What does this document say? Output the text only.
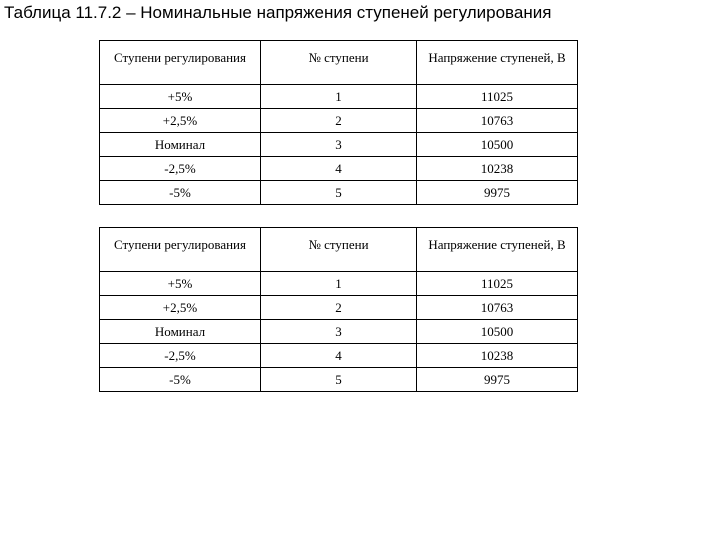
Таблица 11.7.2 – Номинальные напряжения ступеней регулирования
Ступени регулирования	№ ступени	Напряжение ступеней, В
+5%	1	11025
+2,5%	2	10763
Номинал	3	10500
-2,5%	4	10238
-5%	5	9975
Ступени регулирования	№ ступени	Напряжение ступеней, В
+5%	1	11025
+2,5%	2	10763
Номинал	3	10500
-2,5%	4	10238
-5%	5	9975
